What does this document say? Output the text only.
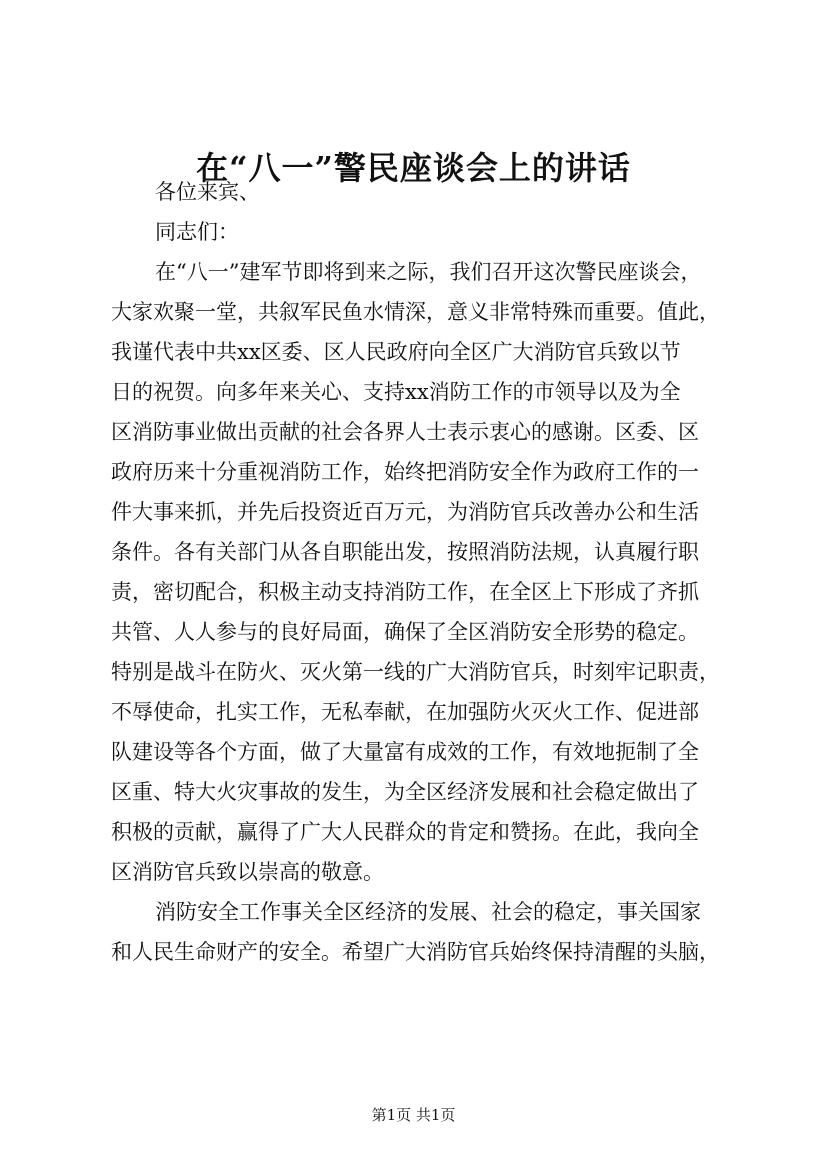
在“八一”警民座谈会上的讲话
各位来宾、
同志们：
在“八一”建军节即将到来之际，我们召开这次警民座谈会，
大家欢聚一堂，共叙军民鱼水情深，意义非常特殊而重要。值此，
我谨代表中共xx区委、区人民政府向全区广大消防官兵致以节
日的祝贺。向多年来关心、支持xx消防工作的市领导以及为全
区消防事业做出贡献的社会各界人士表示衷心的感谢。区委、区
政府历来十分重视消防工作，始终把消防安全作为政府工作的一
件大事来抓，并先后投资近百万元，为消防官兵改善办公和生活
条件。各有关部门从各自职能出发，按照消防法规，认真履行职
责，密切配合，积极主动支持消防工作，在全区上下形成了齐抓
共管、人人参与的良好局面，确保了全区消防安全形势的稳定。
特别是战斗在防火、灭火第一线的广大消防官兵，时刻牢记职责，
不辱使命，扎实工作，无私奉献，在加强防火灭火工作、促进部
队建设等各个方面，做了大量富有成效的工作，有效地扼制了全
区重、特大火灾事故的发生，为全区经济发展和社会稳定做出了
积极的贡献，赢得了广大人民群众的肯定和赞扬。在此，我向全
区消防官兵致以崇高的敬意。
消防安全工作事关全区经济的发展、社会的稳定，事关国家
和人民生命财产的安全。希望广大消防官兵始终保持清醒的头脑，
第1页 共1页
